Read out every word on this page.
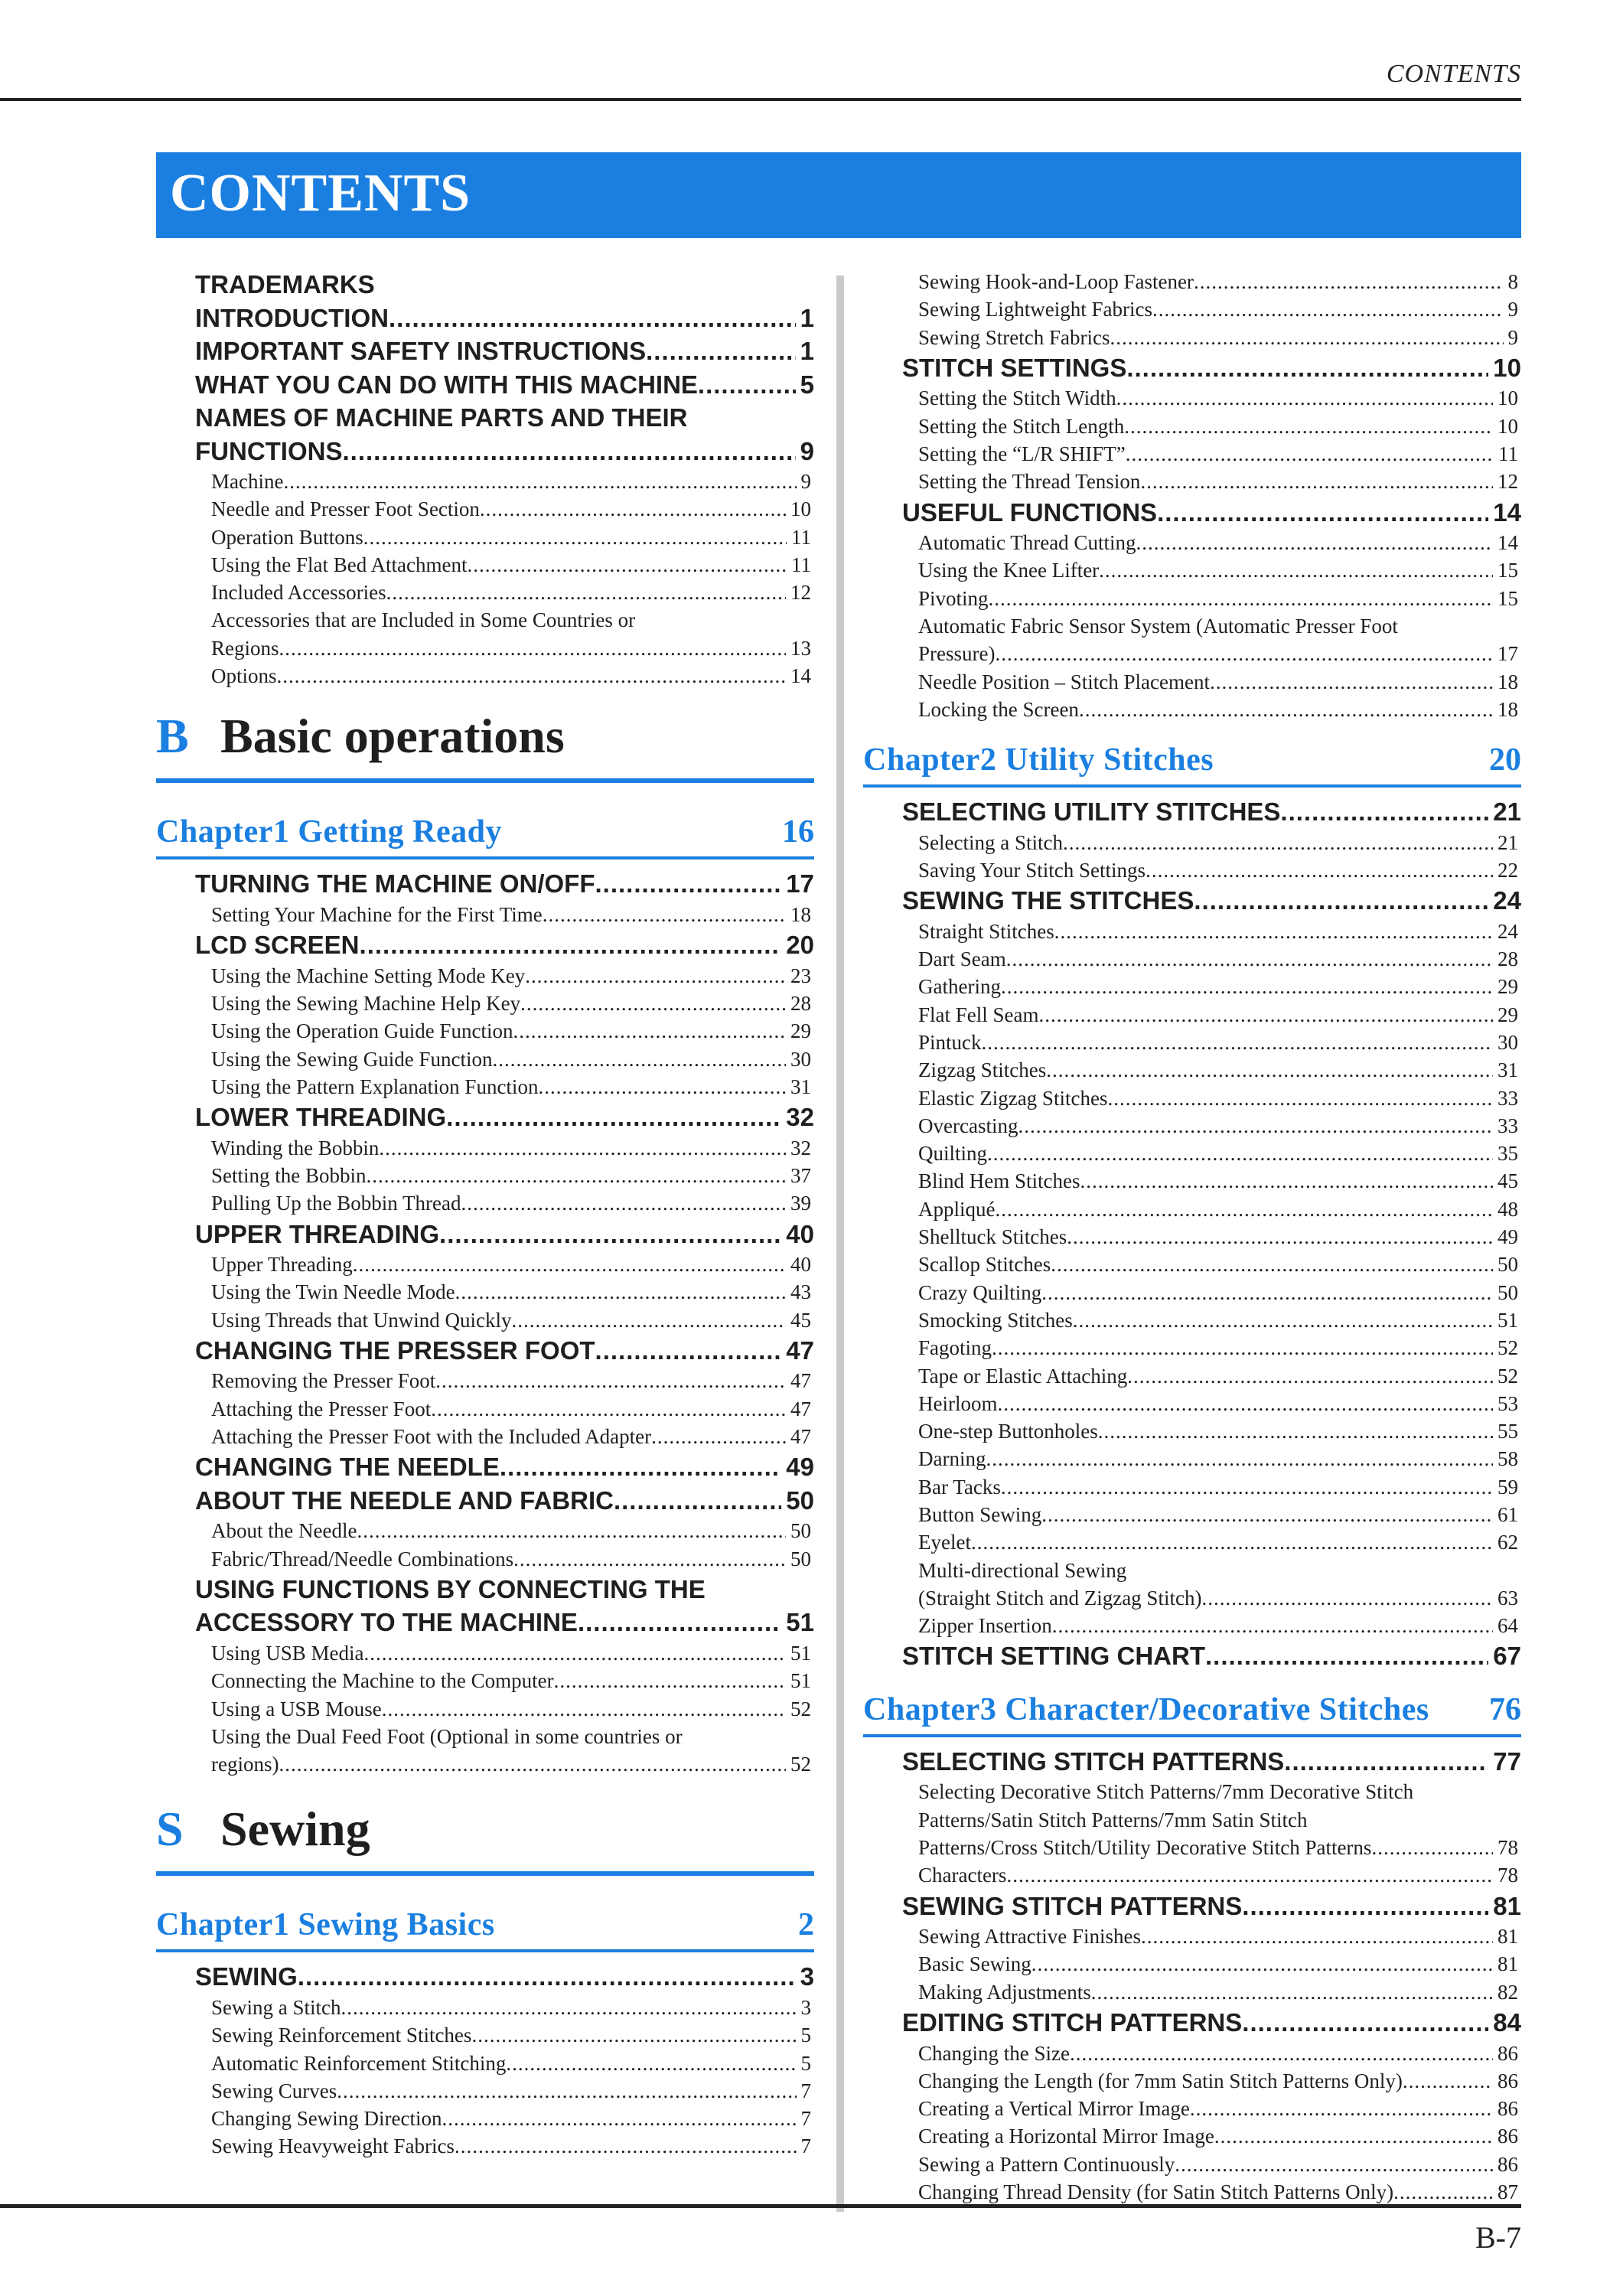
CONTENTS
CONTENTS
TRADEMARKS
INTRODUCTION .....	1
IMPORTANT SAFETY INSTRUCTIONS .....	1
WHAT YOU CAN DO WITH THIS MACHINE .....	5
NAMES OF MACHINE PARTS AND THEIR
FUNCTIONS .....	9
Machine .....	9
Needle and Presser Foot Section .....	10
Operation Buttons .....	11
Using the Flat Bed Attachment .....	11
Included Accessories .....	12
Accessories that are Included in Some Countries or
Regions .....	13
Options .....	14
B Basic operations
Chapter1 Getting Ready	16
TURNING THE MACHINE ON/OFF .....	17
Setting Your Machine for the First Time .....	18
LCD SCREEN .....	20
Using the Machine Setting Mode Key .....	23
Using the Sewing Machine Help Key .....	28
Using the Operation Guide Function .....	29
Using the Sewing Guide Function .....	30
Using the Pattern Explanation Function .....	31
LOWER THREADING .....	32
Winding the Bobbin .....	32
Setting the Bobbin .....	37
Pulling Up the Bobbin Thread .....	39
UPPER THREADING .....	40
Upper Threading .....	40
Using the Twin Needle Mode .....	43
Using Threads that Unwind Quickly .....	45
CHANGING THE PRESSER FOOT .....	47
Removing the Presser Foot .....	47
Attaching the Presser Foot .....	47
Attaching the Presser Foot with the Included Adapter .....	47
CHANGING THE NEEDLE .....	49
ABOUT THE NEEDLE AND FABRIC .....	50
About the Needle .....	50
Fabric/Thread/Needle Combinations .....	50
USING FUNCTIONS BY CONNECTING THE
ACCESSORY TO THE MACHINE .....	51
Using USB Media .....	51
Connecting the Machine to the Computer .....	51
Using a USB Mouse .....	52
Using the Dual Feed Foot (Optional in some countries or
regions) .....	52
S Sewing
Chapter1 Sewing Basics	2
SEWING .....	3
Sewing a Stitch .....	3
Sewing Reinforcement Stitches .....	5
Automatic Reinforcement Stitching .....	5
Sewing Curves .....	7
Changing Sewing Direction .....	7
Sewing Heavyweight Fabrics .....	7
Sewing Hook-and-Loop Fastener .....	8
Sewing Lightweight Fabrics .....	9
Sewing Stretch Fabrics .....	9
STITCH SETTINGS .....	10
Setting the Stitch Width .....	10
Setting the Stitch Length .....	10
Setting the “L/R SHIFT” .....	11
Setting the Thread Tension .....	12
USEFUL FUNCTIONS .....	14
Automatic Thread Cutting .....	14
Using the Knee Lifter .....	15
Pivoting .....	15
Automatic Fabric Sensor System (Automatic Presser Foot
Pressure) .....	17
Needle Position – Stitch Placement .....	18
Locking the Screen .....	18
Chapter2 Utility Stitches	20
SELECTING UTILITY STITCHES .....	21
Selecting a Stitch .....	21
Saving Your Stitch Settings .....	22
SEWING THE STITCHES .....	24
Straight Stitches .....	24
Dart Seam .....	28
Gathering .....	29
Flat Fell Seam .....	29
Pintuck .....	30
Zigzag Stitches .....	31
Elastic Zigzag Stitches .....	33
Overcasting .....	33
Quilting .....	35
Blind Hem Stitches .....	45
Appliqué .....	48
Shelltuck Stitches .....	49
Scallop Stitches .....	50
Crazy Quilting .....	50
Smocking Stitches .....	51
Fagoting .....	52
Tape or Elastic Attaching .....	52
Heirloom .....	53
One-step Buttonholes .....	55
Darning .....	58
Bar Tacks .....	59
Button Sewing .....	61
Eyelet .....	62
Multi-directional Sewing
(Straight Stitch and Zigzag Stitch) .....	63
Zipper Insertion .....	64
STITCH SETTING CHART .....	67
Chapter3 Character/Decorative Stitches 76
SELECTING STITCH PATTERNS .....	77
Selecting Decorative Stitch Patterns/7mm Decorative Stitch
Patterns/Satin Stitch Patterns/7mm Satin Stitch
Patterns/Cross Stitch/Utility Decorative Stitch Patterns .....	78
Characters .....	78
SEWING STITCH PATTERNS .....	81
Sewing Attractive Finishes .....	81
Basic Sewing .....	81
Making Adjustments .....	82
EDITING STITCH PATTERNS .....	84
Changing the Size .....	86
Changing the Length (for 7mm Satin Stitch Patterns Only) .....	86
Creating a Vertical Mirror Image .....	86
Creating a Horizontal Mirror Image .....	86
Sewing a Pattern Continuously .....	86
Changing Thread Density (for Satin Stitch Patterns Only) .....	87
B-7
